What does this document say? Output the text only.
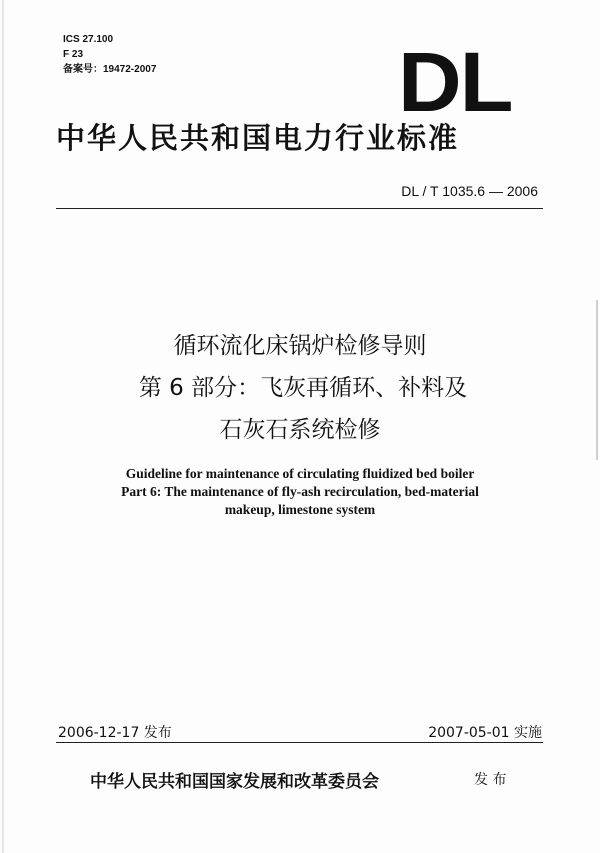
ICS 27.100
F 23
备案号：19472-2007	DL
中华人民共和国电力行业标准
DL / T 1035.6 — 2006
循环流化床锅炉检修导则
第 6 部分：飞灰再循环、补料及
石灰石系统检修
Guideline for maintenance of circulating fluidized bed boiler
Part 6: The maintenance of fly-ash recirculation, bed-material
makeup, limestone system
2006-12-17 发布	2007-05-01 实施
中华人民共和国国家发展和改革委员会	发 布
